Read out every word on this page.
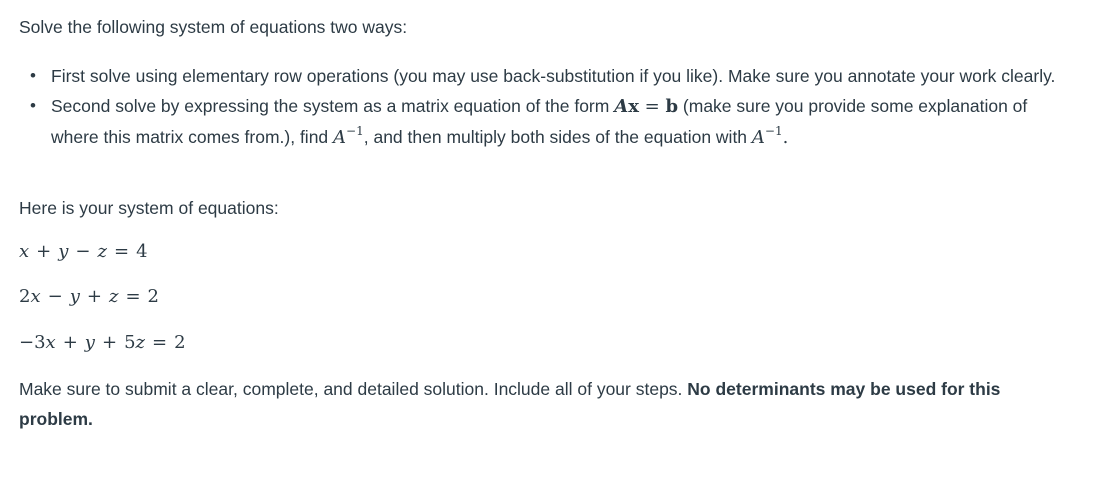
Solve the following system of equations two ways:
• First solve using elementary row operations (you may use back-substitution if you like). Make sure you annotate your work clearly.
• Second solve by expressing the system as a matrix equation of the form Ax = b (make sure you provide some explanation of where this matrix comes from.), find $A^{-1}$, and then multiply both sides of the equation with $A^{-1}$.
Here is your system of equations:
x + y − z = 4
2x − y + z = 2
−3x + y + 5z = 2
Make sure to submit a clear, complete, and detailed solution. Include all of your steps. No determinants may be used for this problem.
